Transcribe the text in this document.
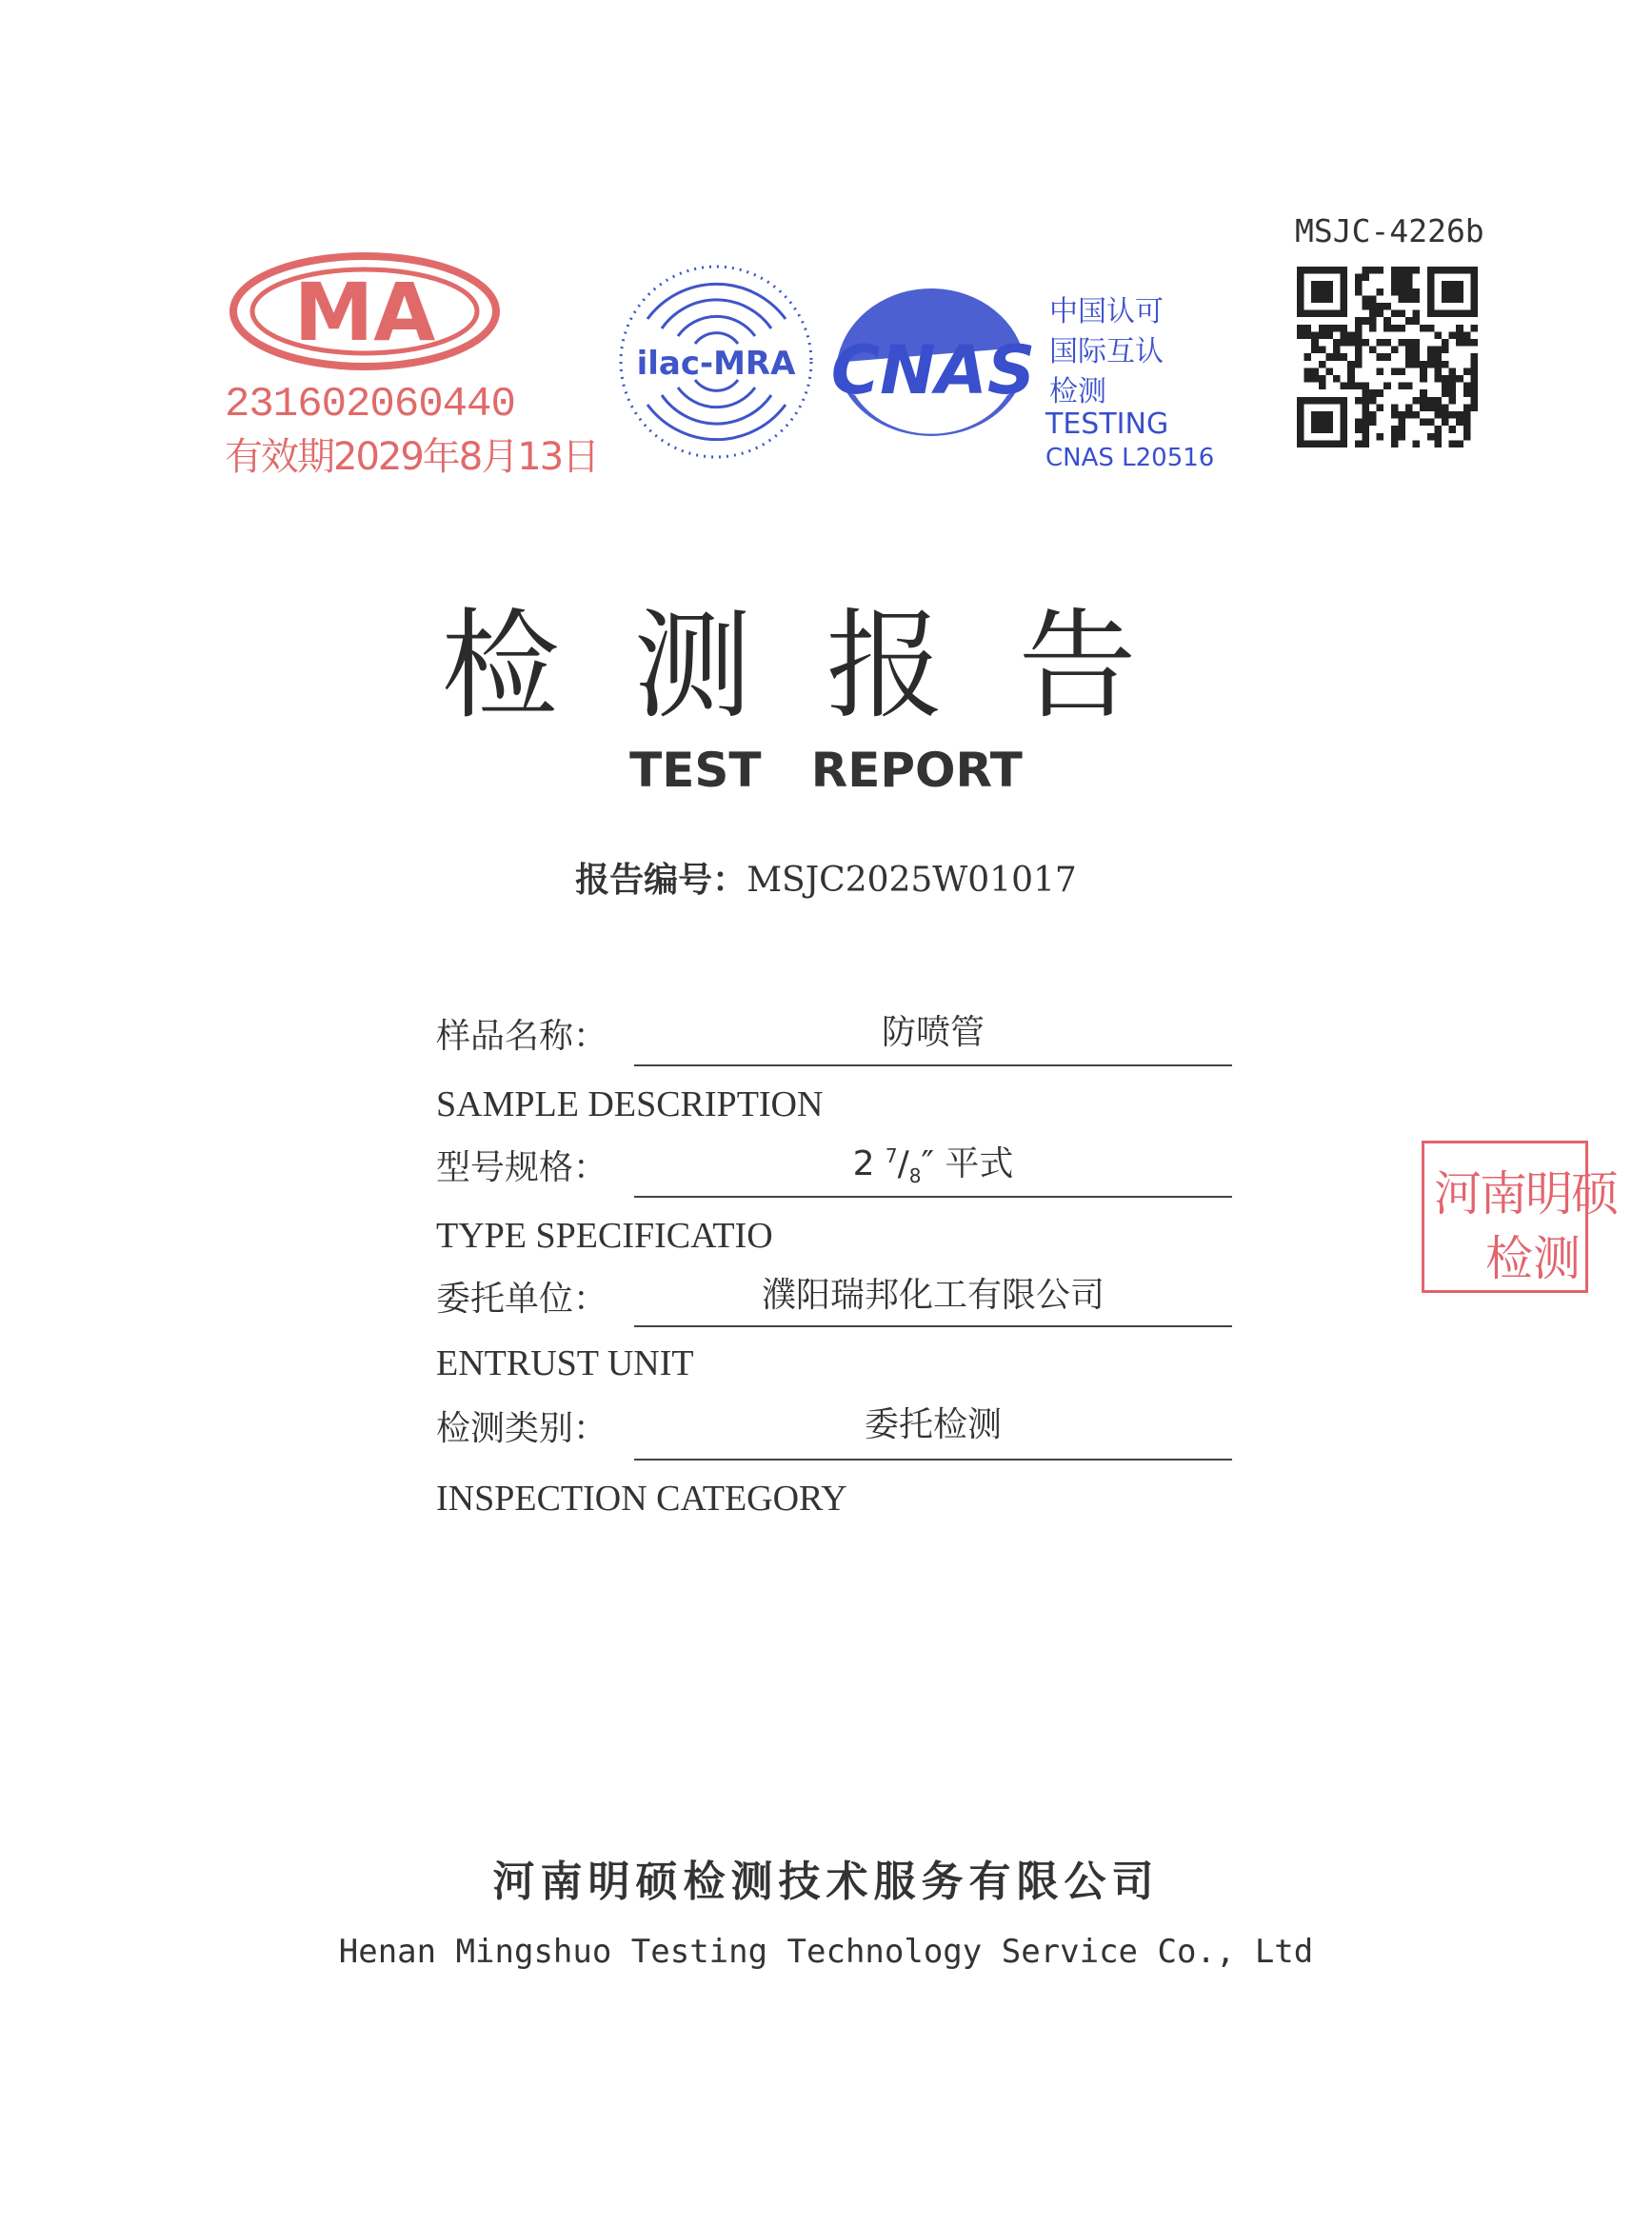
MA
231602060440
有效期2029年8月13日
ilac-MRA CNAS
中国认可
国际互认
检测
TESTING
CNAS L20516
MSJC-4226b
检测报告
TEST   REPORT
报告编号：MSJC2025W01017
样品名称：	防喷管
SAMPLE DESCRIPTION
型号规格：	2 $^7/_8''$ 平式
TYPE SPECIFICATIO
委托单位：	濮阳瑞邦化工有限公司
ENTRUST UNIT
检测类别：	委托检测
INSPECTION CATEGORY
河南明硕
检测
河南明硕检测技术服务有限公司
Henan Mingshuo Testing Technology Service Co., Ltd
